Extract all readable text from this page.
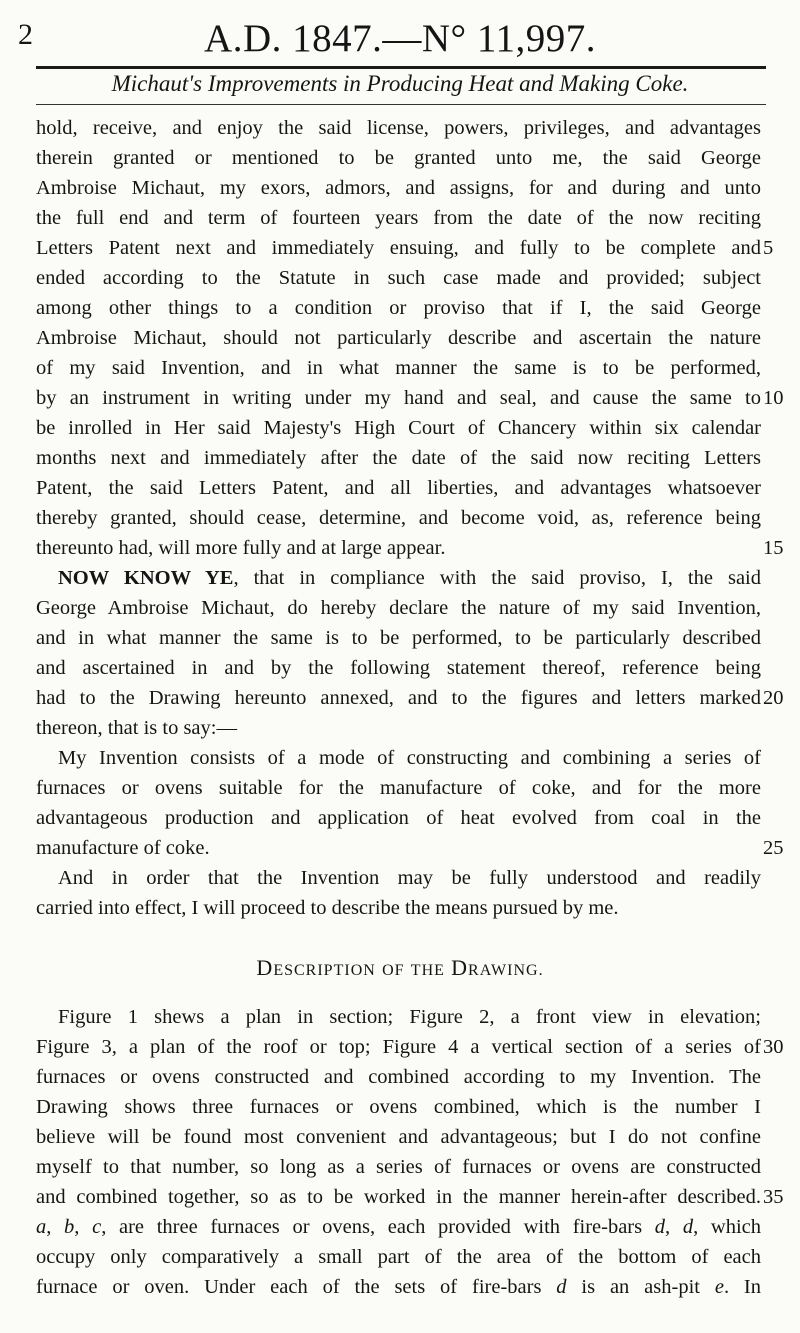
2	A.D. 1847.—N° 11,997.
Michaut's Improvements in Producing Heat and Making Coke.
hold, receive, and enjoy the said license, powers, privileges, and advantages
therein granted or mentioned to be granted unto me, the said George
Ambroise Michaut, my exors, admors, and assigns, for and during and unto
the full end and term of fourteen years from the date of the now reciting
Letters Patent next and immediately ensuing, and fully to be complete and 5
ended according to the Statute in such case made and provided; subject
among other things to a condition or proviso that if I, the said George
Ambroise Michaut, should not particularly describe and ascertain the nature
of my said Invention, and in what manner the same is to be performed,
by an instrument in writing under my hand and seal, and cause the same to 10
be inrolled in Her said Majesty's High Court of Chancery within six calendar
months next and immediately after the date of the said now reciting Letters
Patent, the said Letters Patent, and all liberties, and advantages whatsoever
thereby granted, should cease, determine, and become void, as, reference being
thereunto had, will more fully and at large appear.	15
NOW KNOW YE, that in compliance with the said proviso, I, the said
George Ambroise Michaut, do hereby declare the nature of my said Invention,
and in what manner the same is to be performed, to be particularly described
and ascertained in and by the following statement thereof, reference being
had to the Drawing hereunto annexed, and to the figures and letters marked 20
thereon, that is to say:—
My Invention consists of a mode of constructing and combining a series of
furnaces or ovens suitable for the manufacture of coke, and for the more
advantageous production and application of heat evolved from coal in the
manufacture of coke.	25
And in order that the Invention may be fully understood and readily
carried into effect, I will proceed to describe the means pursued by me.
DESCRIPTION OF THE DRAWING.
Figure 1 shews a plan in section; Figure 2, a front view in elevation;
Figure 3, a plan of the roof or top; Figure 4 a vertical section of a series of 30
furnaces or ovens constructed and combined according to my Invention. The
Drawing shows three furnaces or ovens combined, which is the number I
believe will be found most convenient and advantageous; but I do not confine
myself to that number, so long as a series of furnaces or ovens are constructed
and combined together, so as to be worked in the manner herein-after described. 35
a, b, c, are three furnaces or ovens, each provided with fire-bars d, d, which
occupy only comparatively a small part of the area of the bottom of each
furnace or oven. Under each of the sets of fire-bars d is an ash-pit e. In
